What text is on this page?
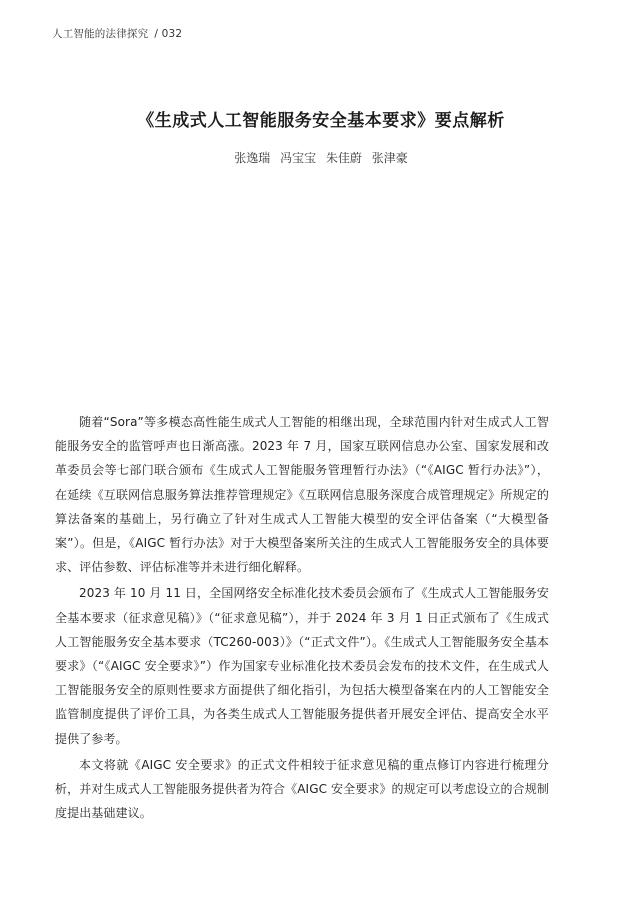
人工智能的法律探究 / 032
《生成式人工智能服务安全基本要求》要点解析
张逸瑞 冯宝宝 朱佳蔚 张津豪

随着“Sora”等多模态高性能生成式人工智能的相继出现，全球范围内针对生成式人工智能服务安全的监管呼声也日渐高涨。2023 年 7 月，国家互联网信息办公室、国家发展和改革委员会等七部门联合颁布《生成式人工智能服务管理暂行办法》（“《AIGC 暂行办法》”），在延续《互联网信息服务算法推荐管理规定》《互联网信息服务深度合成管理规定》所规定的算法备案的基础上，另行确立了针对生成式人工智能大模型的安全评估备案（“大模型备案”）。但是，《AIGC 暂行办法》对于大模型备案所关注的生成式人工智能服务安全的具体要求、评估参数、评估标准等并未进行细化解释。

2023 年 10 月 11 日，全国网络安全标准化技术委员会颁布了《生成式人工智能服务安全基本要求（征求意见稿）》（“征求意见稿”），并于 2024 年 3 月 1 日正式颁布了《生成式人工智能服务安全基本要求（TC260-003）》（“正式文件”）。《生成式人工智能服务安全基本要求》（“《AIGC 安全要求》”）作为国家专业标准化技术委员会发布的技术文件，在生成式人工智能服务安全的原则性要求方面提供了细化指引，为包括大模型备案在内的人工智能安全监管制度提供了评价工具，为各类生成式人工智能服务提供者开展安全评估、提高安全水平提供了参考。

本文将就《AIGC 安全要求》的正式文件相较于征求意见稿的重点修订内容进行梳理分析，并对生成式人工智能服务提供者为符合《AIGC 安全要求》的规定可以考虑设立的合规制度提出基础建议。
